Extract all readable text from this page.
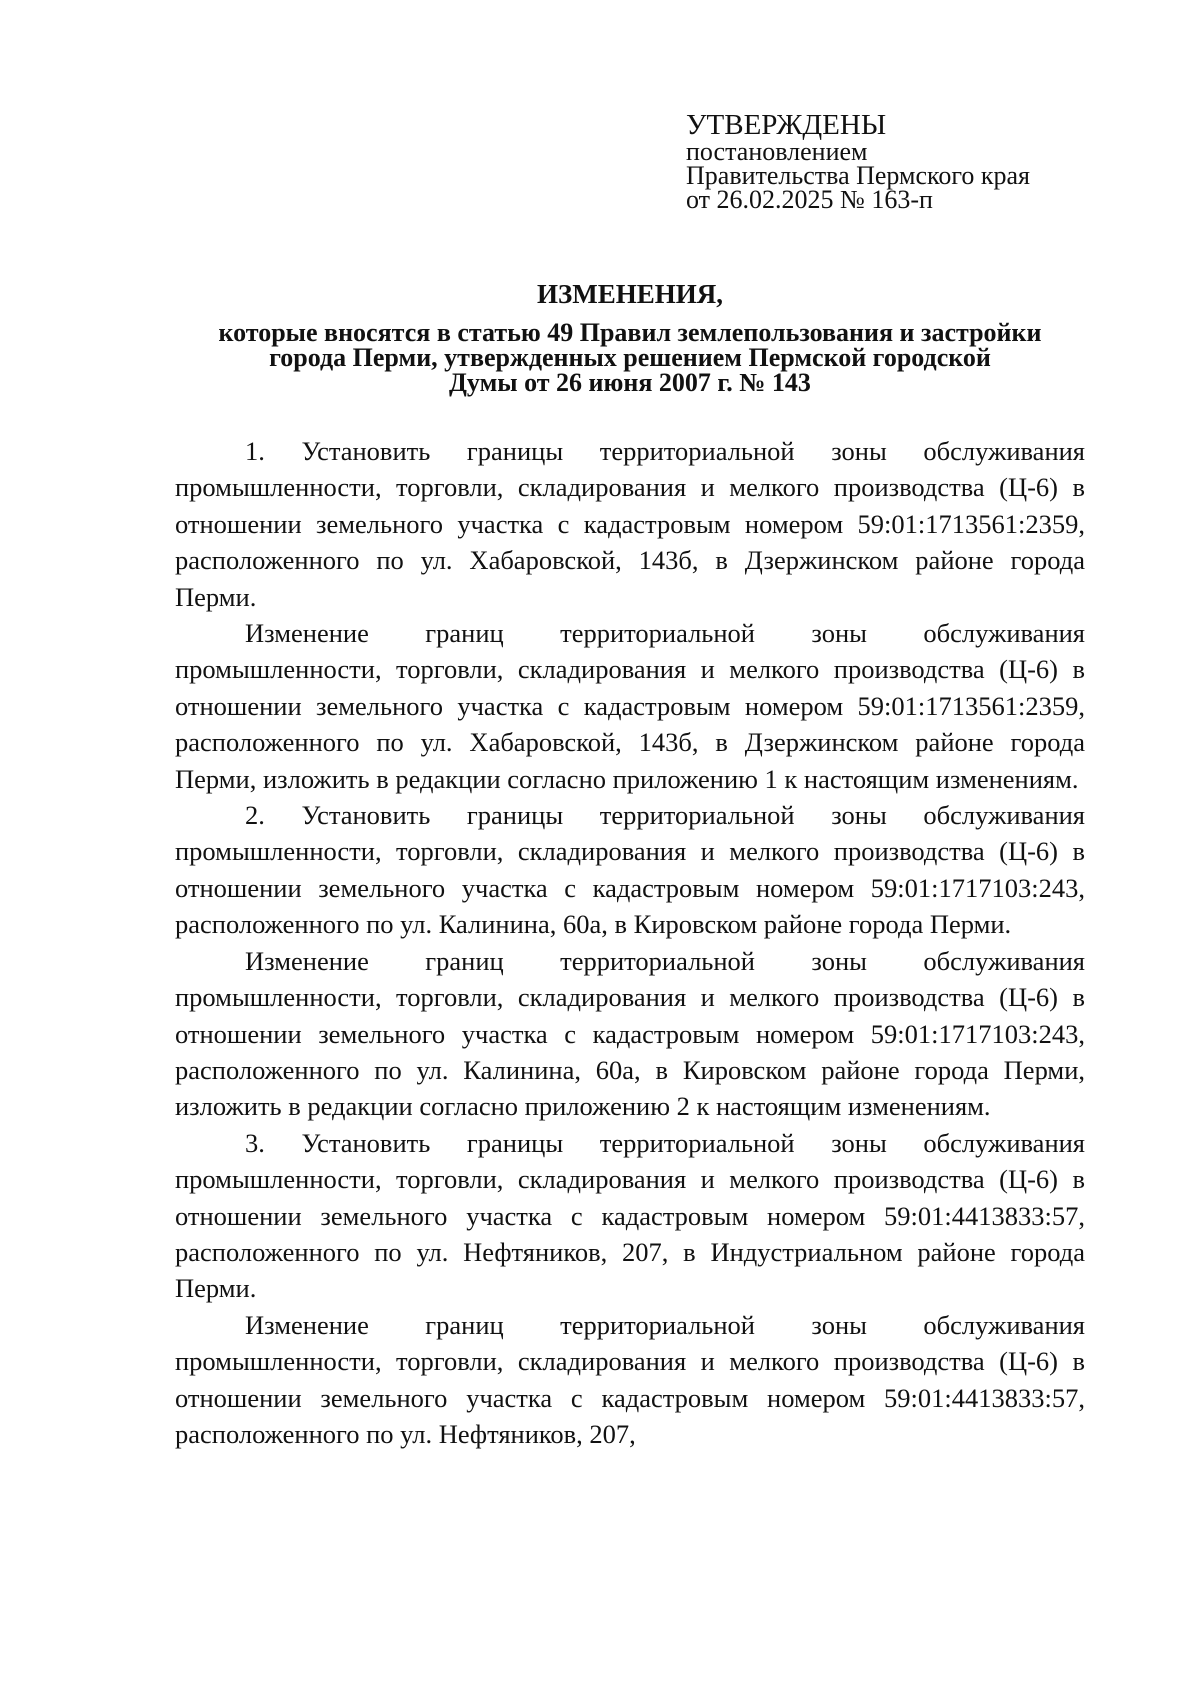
УТВЕРЖДЕНЫ
постановлением
Правительства Пермского края
от 26.02.2025 № 163-п
ИЗМЕНЕНИЯ,
которые вносятся в статью 49 Правил землепользования и застройки
города Перми, утвержденных решением Пермской городской
Думы от 26 июня 2007 г. № 143

1. Установить границы территориальной зоны обслуживания промышленности, торговли, складирования и мелкого производства (Ц-6) в отношении земельного участка с кадастровым номером 59:01:1713561:2359, расположенного по ул. Хабаровской, 143б, в Дзержинском районе города Перми.

Изменение границ территориальной зоны обслуживания промышленности, торговли, складирования и мелкого производства (Ц-6) в отношении земельного участка с кадастровым номером 59:01:1713561:2359, расположенного по ул. Хабаровской, 143б, в Дзержинском районе города Перми, изложить в редакции согласно приложению 1 к настоящим изменениям.

2. Установить границы территориальной зоны обслуживания промышленности, торговли, складирования и мелкого производства (Ц-6) в отношении земельного участка с кадастровым номером 59:01:1717103:243, расположенного по ул. Калинина, 60а, в Кировском районе города Перми.

Изменение границ территориальной зоны обслуживания промышленности, торговли, складирования и мелкого производства (Ц-6) в отношении земельного участка с кадастровым номером 59:01:1717103:243, расположенного по ул. Калинина, 60а, в Кировском районе города Перми, изложить в редакции согласно приложению 2 к настоящим изменениям.

3. Установить границы территориальной зоны обслуживания промышленности, торговли, складирования и мелкого производства (Ц-6) в отношении земельного участка с кадастровым номером 59:01:4413833:57, расположенного по ул. Нефтяников, 207, в Индустриальном районе города Перми.

Изменение границ территориальной зоны обслуживания промышленности, торговли, складирования и мелкого производства (Ц-6) в отношении земельного участка с кадастровым номером 59:01:4413833:57, расположенного по ул. Нефтяников, 207,
